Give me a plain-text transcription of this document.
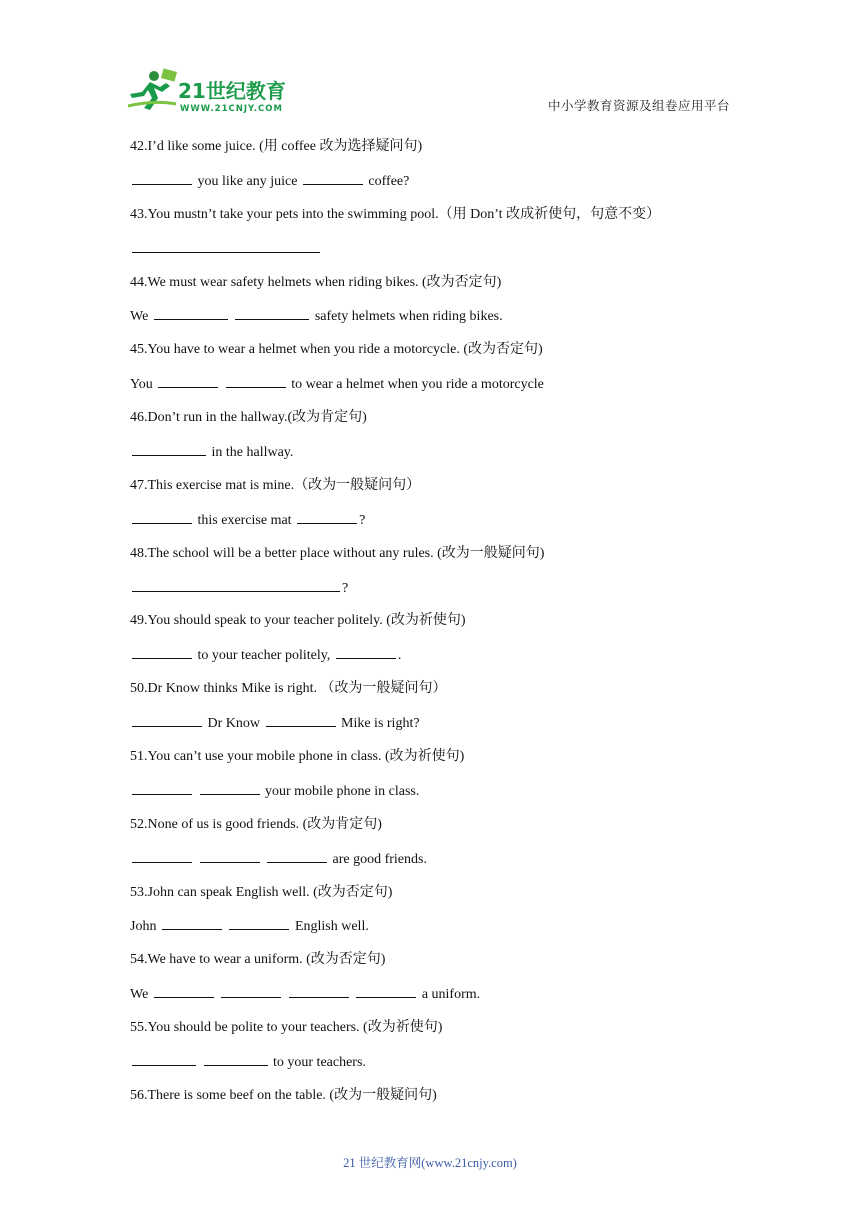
21世纪教育
WWW.21CNJY.COM	中小学教育资源及组卷应用平台
42.I’d like some juice. (用 coffee 改为选择疑问句)
you like any juice	coffee?
43.You mustn’t take your pets into the swimming pool.（用 Don’t 改成祈使句，句意不变）
44.We must wear safety helmets when riding bikes. (改为否定句)
We	safety helmets when riding bikes.
45.You have to wear a helmet when you ride a motorcycle. (改为否定句)
You	to wear a helmet when you ride a motorcycle
46.Don’t run in the hallway.(改为肯定句)
in the hallway.
47.This exercise mat is mine.（改为一般疑问句）
this exercise mat	?
48.The school will be a better place without any rules. (改为一般疑问句)
?
49.You should speak to your teacher politely. (改为祈使句)
to your teacher politely,	.
50.Dr Know thinks Mike is right. （改为一般疑问句）
Dr Know	Mike is right?
51.You can’t use your mobile phone in class. (改为祈使句)
your mobile phone in class.
52.None of us is good friends. (改为肯定句)
are good friends.
53.John can speak English well. (改为否定句)
John	English well.
54.We have to wear a uniform. (改为否定句)
We	a uniform.
55.You should be polite to your teachers. (改为祈使句)
to your teachers.
56.There is some beef on the table. (改为一般疑问句)
21 世纪教育网(www.21cnjy.com)
